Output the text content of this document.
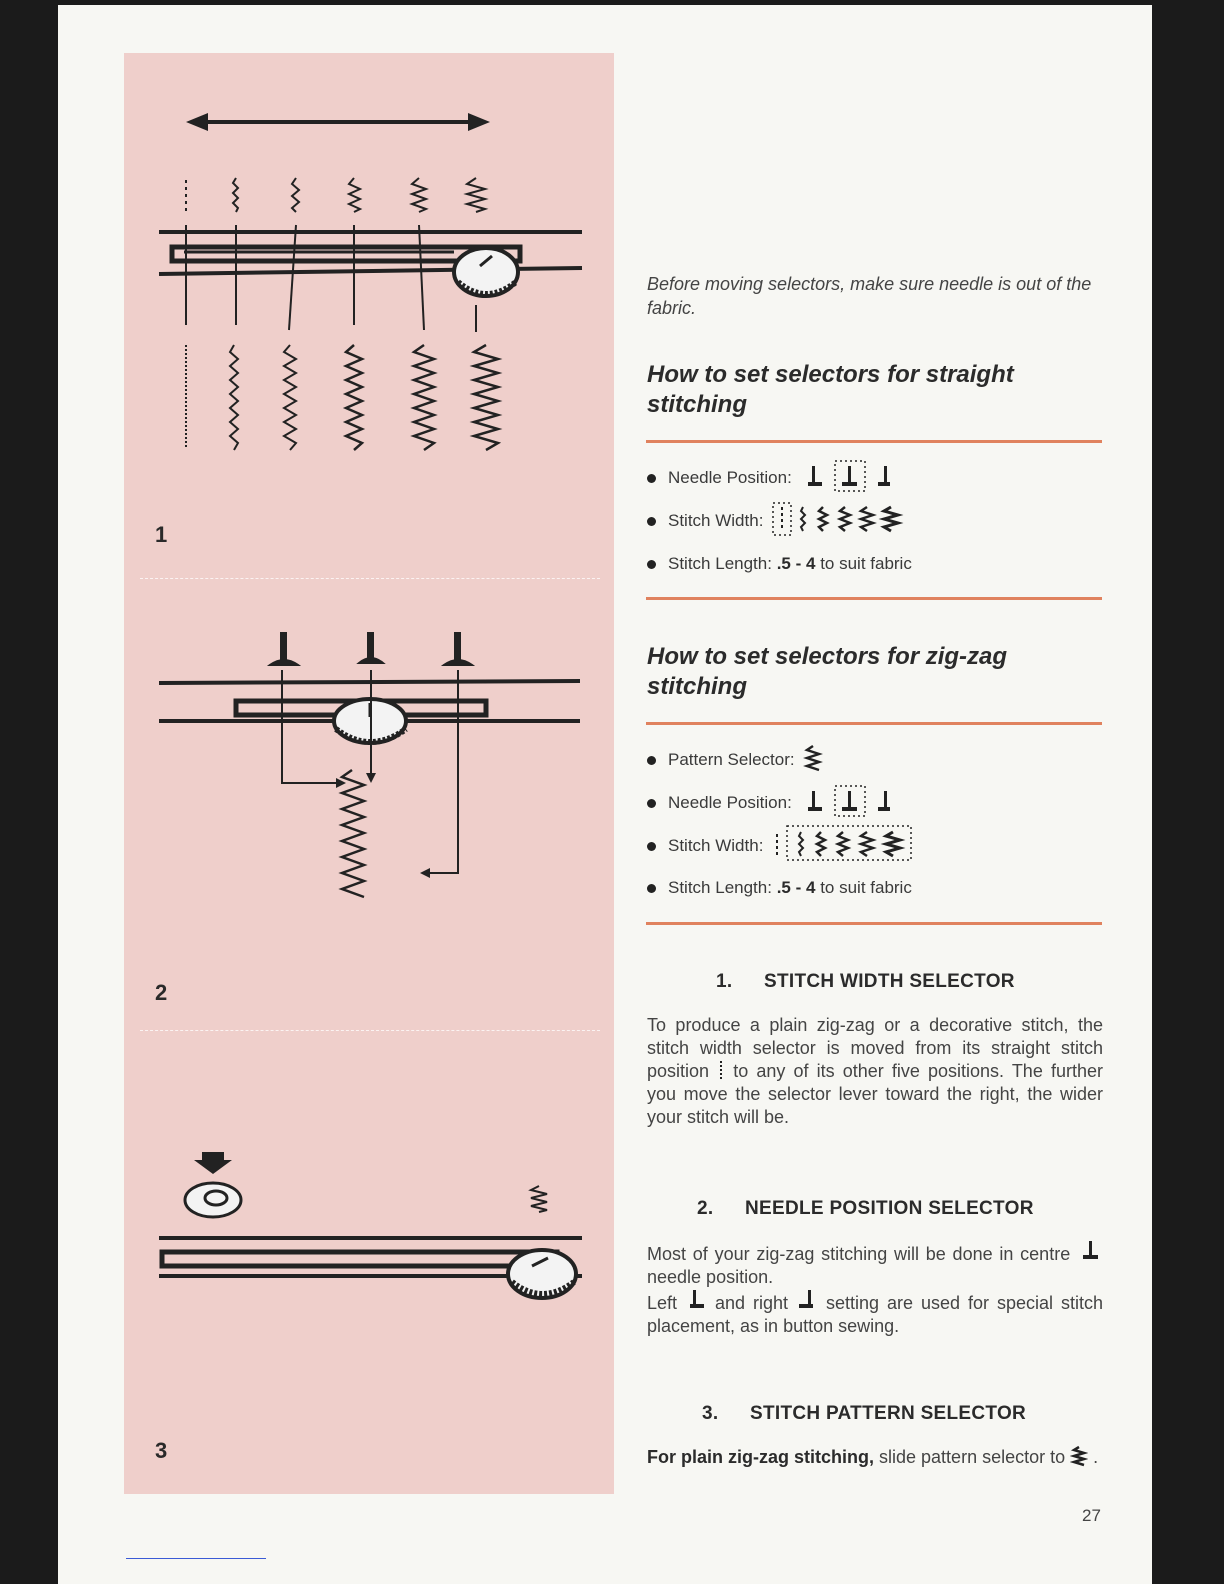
1
2
3
Before moving selectors, make sure needle is out of the fabric.
How to set selectors for straight stitching
Needle Position:
Stitch Width:
Stitch Length:
.5 - 4
to suit fabric
How to set selectors for zig-zag stitching
Pattern Selector:
Needle Position:
Stitch Width:
Stitch Length:
.5 - 4
to suit fabric
1. STITCH WIDTH SELECTOR
To produce a plain zig-zag or a decorative stitch, the stitch width selector is moved from its straight stitch position to any of its other five positions. The further you move the selector lever toward the right, the wider your stitch will be.
2. NEEDLE POSITION SELECTOR
Most of your zig-zag stitching will be done in centre  needle position.
Left and right setting are used for special stitch placement, as in button sewing.
3. STITCH PATTERN SELECTOR
For plain zig-zag stitching, slide pattern selector to .
27
